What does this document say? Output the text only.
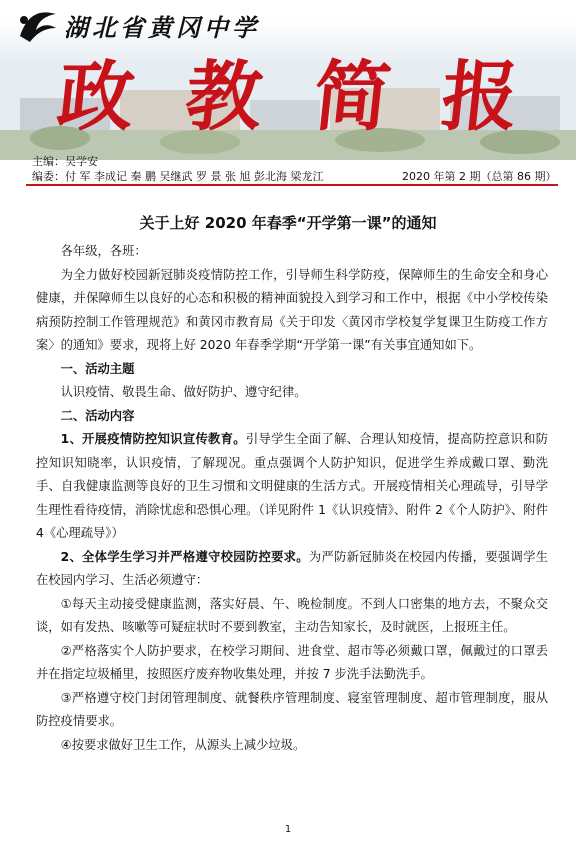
湖北省黄冈中学
政 教 简 报
主编：吴学安
编委：付 军 李成记 秦 鹏 吴继武 罗 景 张 旭 彭北海 梁龙江	2020 年第 2 期（总第 86 期）
关于上好 2020 年春季“开学第一课”的通知

各年级，各班：

为全力做好校园新冠肺炎疫情防控工作，引导师生科学防疫，保障师生的生命安全和身心健康，并保障师生以良好的心态和积极的精神面貌投入到学习和工作中，根据《中小学校传染病预防控制工作管理规范》和黄冈市教育局《关于印发〈黄冈市学校复学复课卫生防疫工作方案〉的通知》要求，现将上好 2020 年春季学期“开学第一课”有关事宜通知如下。

一、活动主题

认识疫情、敬畏生命、做好防护、遵守纪律。

二、活动内容

1、开展疫情防控知识宣传教育。引导学生全面了解、合理认知疫情，提高防控意识和防控知识知晓率，认识疫情，了解现况。重点强调个人防护知识，促进学生养成戴口罩、勤洗手、自我健康监测等良好的卫生习惯和文明健康的生活方式。开展疫情相关心理疏导，引导学生理性看待疫情，消除忧虑和恐惧心理。（详见附件 1《认识疫情》、附件 2《个人防护》、附件 4《心理疏导》）

2、全体学生学习并严格遵守校园防控要求。为严防新冠肺炎在校园内传播，要强调学生在校园内学习、生活必须遵守：

①每天主动接受健康监测，落实好晨、午、晚检制度。不到人口密集的地方去，不聚众交谈，如有发热、咳嗽等可疑症状时不要到教室，主动告知家长，及时就医，上报班主任。

②严格落实个人防护要求，在校学习期间、进食堂、超市等必须戴口罩，佩戴过的口罩丢并在指定垃圾桶里，按照医疗废弃物收集处理，并按 7 步洗手法勤洗手。

③严格遵守校门封闭管理制度、就餐秩序管理制度、寝室管理制度、超市管理制度，服从防控疫情要求。

④按要求做好卫生工作，从源头上减少垃圾。

1
